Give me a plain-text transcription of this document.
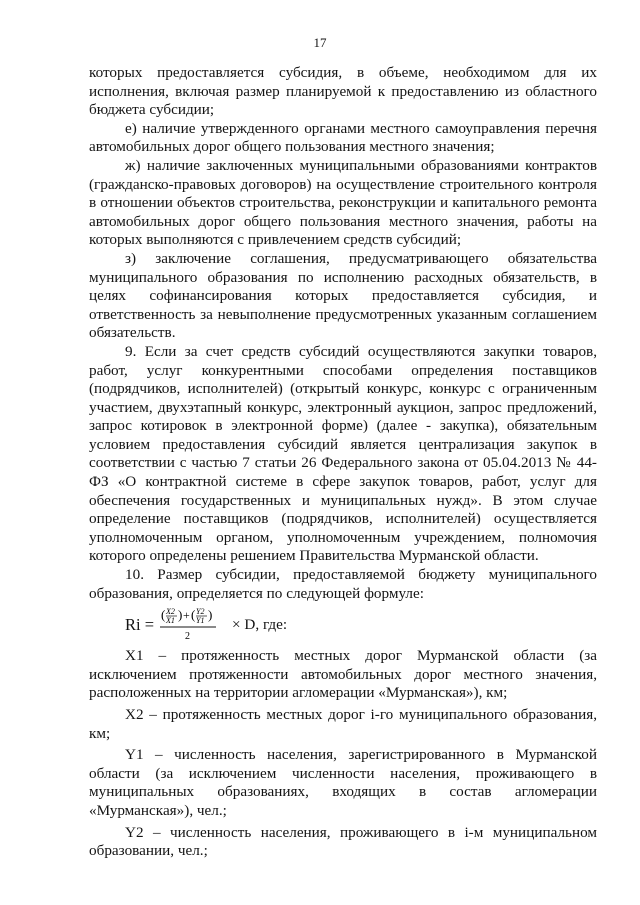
17

которых предоставляется субсидия, в объеме, необходимом для их исполнения, включая размер планируемой к предоставлению из областного бюджета субсидии;

е) наличие утвержденного органами местного самоуправления перечня автомобильных дорог общего пользования местного значения;

ж) наличие заключенных муниципальными образованиями контрактов (гражданско-правовых договоров) на осуществление строительного контроля в отношении объектов строительства, реконструкции и капитального ремонта автомобильных дорог общего пользования местного значения, работы на которых выполняются с привлечением средств субсидий;

з) заключение соглашения, предусматривающего обязательства муниципального образования по исполнению расходных обязательств, в целях софинансирования которых предоставляется субсидия, и ответственность за невыполнение предусмотренных указанным соглашением обязательств.

9. Если за счет средств субсидий осуществляются закупки товаров, работ, услуг конкурентными способами определения поставщиков (подрядчиков, исполнителей) (открытый конкурс, конкурс с ограниченным участием, двухэтапный конкурс, электронный аукцион, запрос предложений, запрос котировок в электронной форме) (далее - закупка), обязательным условием предоставления субсидий является централизация закупок в соответствии с частью 7 статьи 26 Федерального закона от 05.04.2013 № 44-ФЗ «О контрактной системе в сфере закупок товаров, работ, услуг для обеспечения государственных и муниципальных нужд». В этом случае определение поставщиков (подрядчиков, исполнителей) осуществляется уполномоченным органом, уполномоченным учреждением, полномочия которого определены решением Правительства Мурманской области.

10. Размер субсидии, предоставляемой бюджету муниципального образования, определяется по следующей формуле:

Ri =
( X2
X1 ) + ( Y2
Y1 )
2
× D, где:

X1 – протяженность местных дорог Мурманской области (за исключением протяженности автомобильных дорог местного значения, расположенных на территории агломерации «Мурманская»), км;

X2 – протяженность местных дорог i-го муниципального образования, км;

Y1 – численность населения, зарегистрированного в Мурманской области (за исключением численности населения, проживающего в муниципальных образованиях, входящих в состав агломерации «Мурманская»), чел.;

Y2 – численность населения, проживающего в i-м муниципальном образовании, чел.;
